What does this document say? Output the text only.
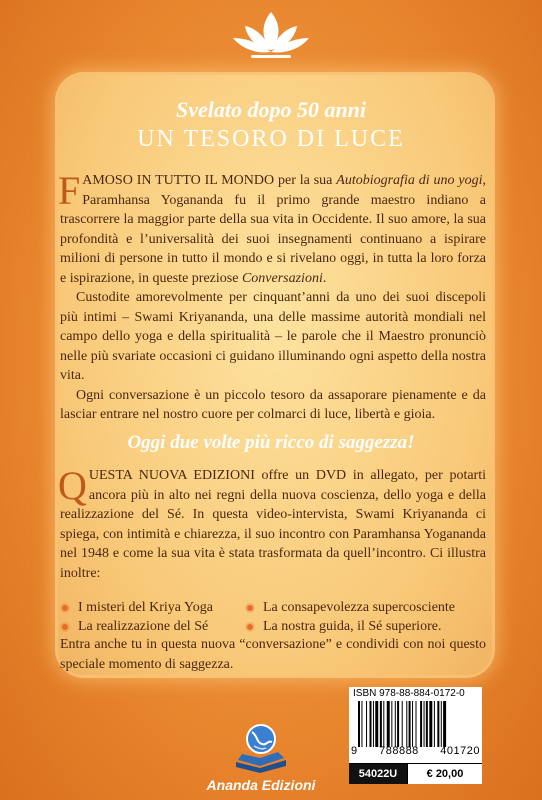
Svelato dopo 50 anni
UN TESORO DI LUCE

FAMOSO IN TUTTO IL MONDO per la sua Autobiografia di uno yogi, Paramhansa Yogananda fu il primo grande maestro indiano a trascorrere la maggior parte della sua vita in Occidente. Il suo amore, la sua profondità e l’universalità dei suoi insegnamenti continuano a ispirare milioni di persone in tutto il mondo e si rivelano oggi, in tutta la loro forza e ispirazione, in queste preziose Conversazioni.

Custodite amorevolmente per cinquant’anni da uno dei suoi discepoli più intimi – Swami Kriyananda, una delle massime autorità mondiali nel campo dello yoga e della spiritualità – le parole che il Maestro pronunciò nelle più svariate occasioni ci guidano illuminando ogni aspetto della nostra vita.

Ogni conversazione è un piccolo tesoro da assaporare pienamente e da lasciar entrare nel nostro cuore per colmarci di luce, libertà e gioia.

Oggi due volte più ricco di saggezza!

QUESTA NUOVA EDIZIONI offre un DVD in allegato, per potarti ancora più in alto nei regni della nuova coscienza, dello yoga e della realizzazione del Sé. In questa video-intervista, Swami Kriyananda ci spiega, con intimità e chiarezza, il suo incontro con Paramhansa Yogananda nel 1948 e come la sua vita è stata trasformata da quell’incontro. Ci illustra inoltre:

I misteri del Kriya Yoga	La consapevolezza supercosciente
La realizzazione del Sé	La nostra guida, il Sé superiore.
Entra anche tu in questa nuova “conversazione” e condividi con noi questo speciale momento di saggezza.
Ananda Edizioni
ISBN 978-88-884-0172-0
9 788888 401720
54022U	€ 20,00
